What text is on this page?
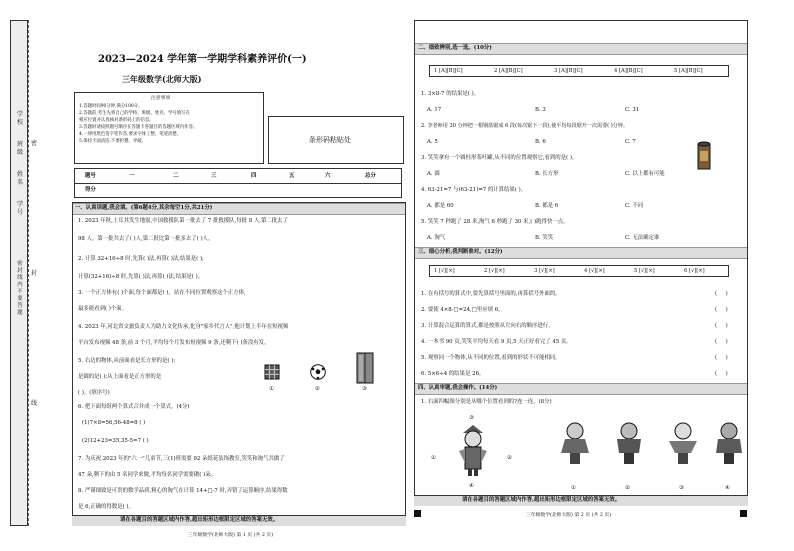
学校
班级
姓名
学号
密封线内不要答题
密
封
线
2023—2024 学年第一学期学科素养评价(一)
三年级数学(北师大版)
注意事项
1.答题时间90分钟,满分100分。
2.答题前,考生先将自己的学校、班级、姓名、学号填写在
相应位置并认真核对条形码上的信息。
3.答题时请按照题号顺序在答题卡各题目的答题区域内作答。
4.一律用黑色签字笔作答,要求字体工整、笔迹清楚。
5.保持卡面清洁,不要折叠、弄破。	条形码粘贴处
题号	一	二	三	四	五	六	总分
得分
一、认真读题,我会填。(第6题4分,其余每空1分,共21分)
1. 2023 年秋,土耳其发生地震,中国救援队第一批去了 7 批救援队,每批 8 人,第二批去了
98 人。第一批共去了( )人,第二批比第一批多去了( )人。
2. 计算 32+16÷8 时,先算( )法,再算( )法,结果是( );
计算(32+16)÷8 时,先算( )法,再算( )法,结果是( )。
3. 一个正方体有( )个面,每个面都是( )。站在不同位置观察这个正方体,
最多能看到( )个面。
4. 2023 年,河北省文旅负责人为助力文化传承,化身"家乡代言人",他计划上半年在短视频
平台发布视频 48 条,前 3 个月,平均每个月发布短视频 9 条,还剩下( )条没有发。
5. 右边的物体,从前面看是长方形的是( );
是圆的是( );从上面看是正方形的是
( )。(填序号)
①	②	③
6. 把下面每组两个算式合并成一个算式。(4分)
(1)7×8=56,56-48=8 ( )
(2)12+23=35,35-5=7 ( )
7. 为庆祝 2023 年的"六一"儿童节,三(1)班需要 92 朵纸花装饰教室,笑笑和淘气共做了
47 朵,剩下的由 5 名同学来做,平均每名同学需要做( )朵。
8. 严谨细致是可贵的数学品质,粗心的淘气在计算 14+□-7 时,弄错了运算顺序,结果得数
是 6,正确的得数是( )。
请在各题目的答题区域内作答,超出矩形边框限定区域的答案无效。
三年级数学(北师大版) 第 1 页 (共 2 页)
二、细致辨别,选一选。(10分)
1 [A][B][C]	2 [A][B][C]	3 [A][B][C]	4 [A][B][C]	5 [A][B][C]
1. 3×8-7 的结果是( )。
A. 17	B. 3	C. 31
2. 李老师用 30 分钟把一根钢筋锯成 6 段(每次锯下一段),使平均每段锯开一次需要( )分钟。
A. 5	B. 6	C. 7
3. 笑笑拿有一个圆柱形茶叶罐,从不同的位置观察它,看到的是( )。
A. 圆	B. 长方形	C. 以上都有可能
4. 63-21=7 与(63-21)=7 的计算结果( )。
A. 都是 60	B. 都是 6	C. 不同
5. 笑笑 7 秒跑了 28 米,淘气 6 秒跑了 30 米,( )跑得快一点。
A. 淘气	B. 笑笑	C. 无法确定谁
三、细心分析,我判断准对。(12分)
1 [√][×]	2 [√][×]	3 [√][×]	4 [√][×]	5 [√][×]	6 [√][×]
1. 在有括号的算式中,要先算括号里面的,再算括号外面的。	(     )
2. 要使 4×8-□=24,□里应填 6。	(     )
3. 计算混合运算的算式,都是按照从左向右的顺序进行。	(     )
4. 一本书 90 页,笑笑平均每天看 9 页,5 天正好看完了 45 页。	(     )
5. 观察同一个物体,从不同的位置,看到的形状不可能相同。	(     )
6. 5×6÷4 的结果是 26。	(     )
四、认真审题,我会操作。(14分)
1. 右面四幅图分别是从哪个位置看到的?连一连。(8分)
③
①	②
④	①	②	③	④
请在各题目的答题区域内作答,超出矩形边框限定区域的答案无效。
三年级数学(北师大版) 第 2 页 (共 2 页)
